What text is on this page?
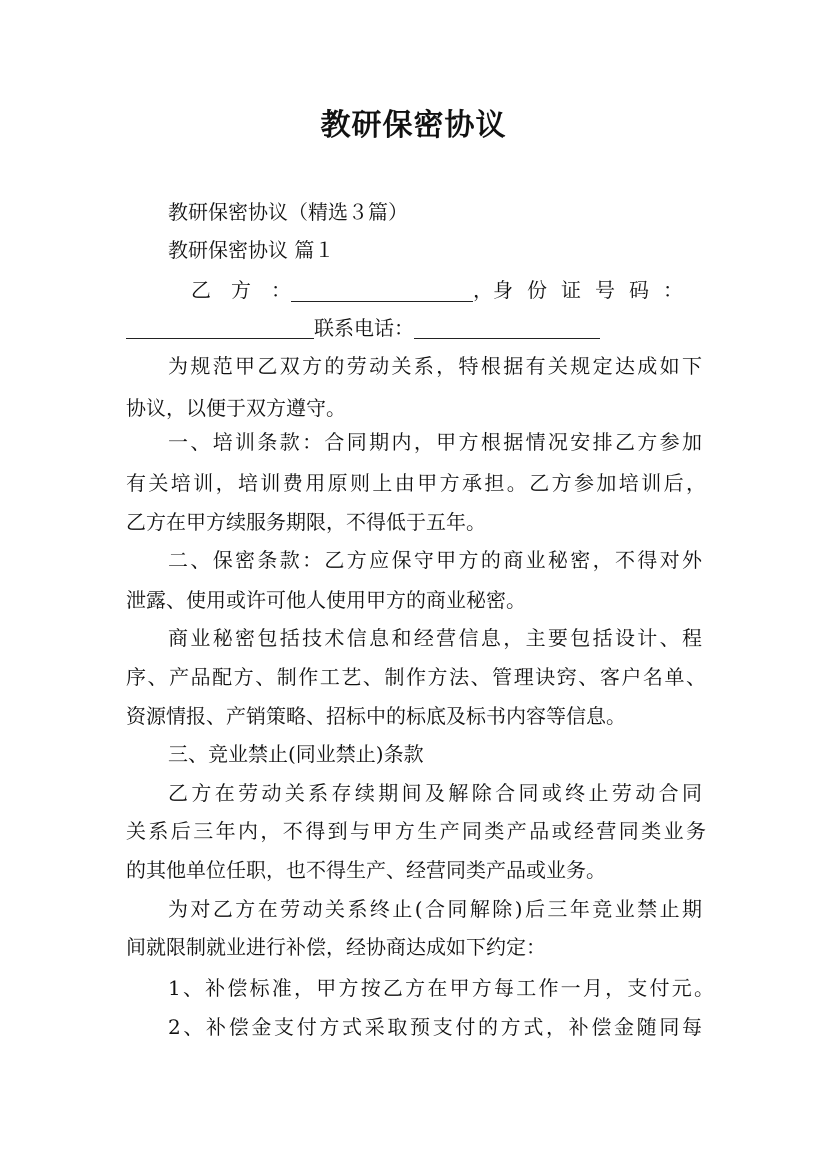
教研保密协议
教研保密协议（精选３篇）
教研保密协议 篇１
乙　方　：	， 身份证号码：
联系电话：
为规范甲乙双方的劳动关系，特根据有关规定达成如下
协议，以便于双方遵守。
一、培训条款：合同期内，甲方根据情况安排乙方参加
有关培训，培训费用原则上由甲方承担。乙方参加培训后，
乙方在甲方续服务期限，不得低于五年。
二、保密条款：乙方应保守甲方的商业秘密，不得对外
泄露、使用或许可他人使用甲方的商业秘密。
商业秘密包括技术信息和经营信息，主要包括设计、程
序、产品配方、制作工艺、制作方法、管理诀窍、客户名单、
资源情报、产销策略、招标中的标底及标书内容等信息。
三、竞业禁止(同业禁止)条款
乙方在劳动关系存续期间及解除合同或终止劳动合同
关系后三年内，不得到与甲方生产同类产品或经营同类业务
的其他单位任职，也不得生产、经营同类产品或业务。
为对乙方在劳动关系终止(合同解除)后三年竞业禁止期
间就限制就业进行补偿，经协商达成如下约定：
1、补偿标准，甲方按乙方在甲方每工作一月，支付元。
2、补偿金支付方式采取预支付的方式，补偿金随同每
